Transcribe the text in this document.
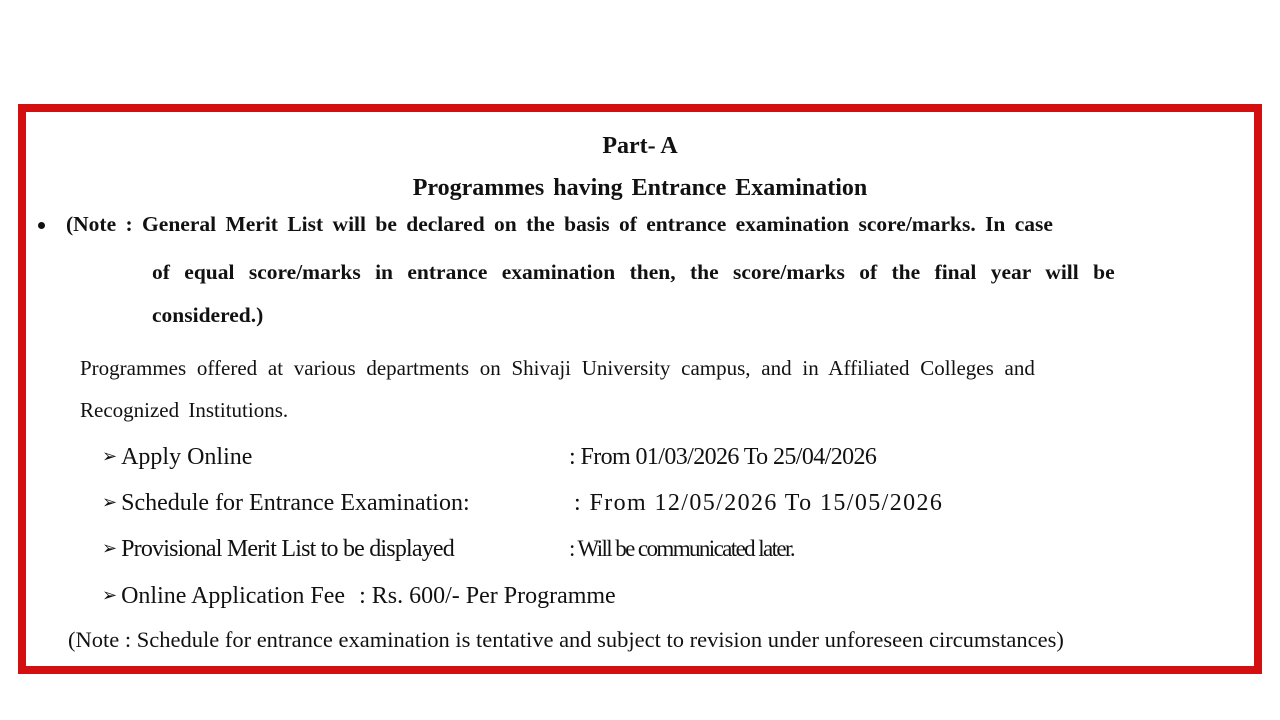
Part- A
Programmes having Entrance Examination
(Note : General Merit List will be declared on the basis of entrance examination score/marks. In case
of equal score/marks in entrance examination then, the score/marks of the final year will be
considered.)
Programmes offered at various departments on Shivaji University campus, and in Affiliated Colleges and
Recognized Institutions.
➢ Apply Online	: From 01/03/2026 To 25/04/2026
➢ Schedule for Entrance Examination:	: From 12/05/2026 To 15/05/2026
➢ Provisional Merit List to be displayed	: Will be communicated later.
➢ Online Application Fee : Rs. 600/- Per Programme
(Note : Schedule for entrance examination is tentative and subject to revision under unforeseen circumstances)
